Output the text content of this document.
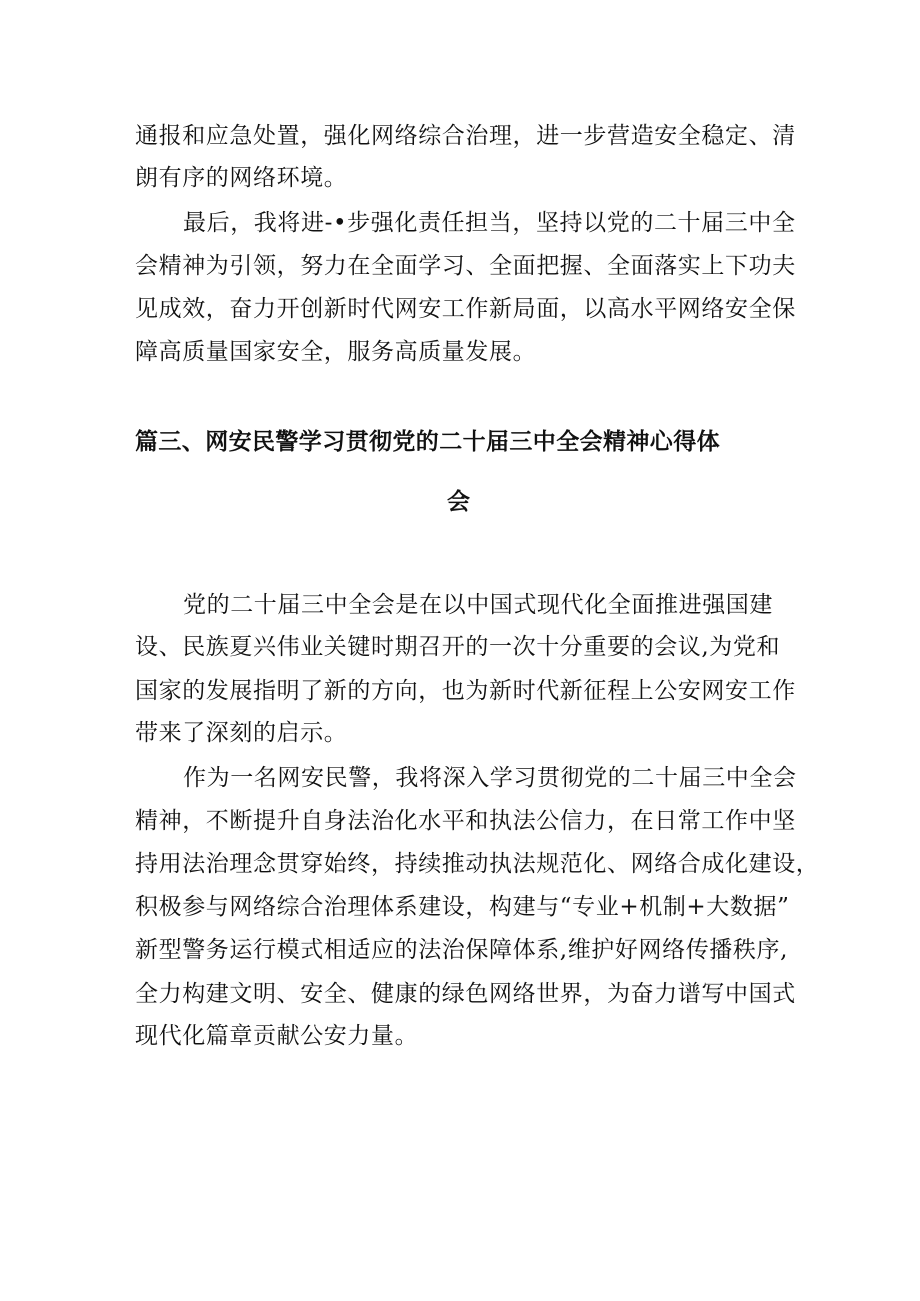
通报和应急处置，强化网络综合治理，进一步营造安全稳定、清
朗有序的网络环境。
最后，我将进-•步强化责任担当，坚持以党的二十届三中全
会精神为引领，努力在全面学习、全面把握、全面落实上下功夫
见成效，奋力开创新时代网安工作新局面，以高水平网络安全保
障高质量国家安全，服务高质量发展。
篇三、网安民警学习贯彻党的二十届三中全会精神心得体
会
党的二十届三中全会是在以中国式现代化全面推进强国建
设、民族夏兴伟业关键时期召开的一次十分重要的会议,为党和
国家的发展指明了新的方向，也为新时代新征程上公安网安工作
带来了深刻的启示。
作为一名网安民警，我将深入学习贯彻党的二十届三中全会
精神，不断提升自身法治化水平和执法公信力，在日常工作中坚
持用法治理念贯穿始终，持续推动执法规范化、网络合成化建设，
积极参与网络综合治理体系建设，构建与“专业+机制+大数据”
新型警务运行模式相适应的法治保障体系,维护好网络传播秩序,
全力构建文明、安全、健康的绿色网络世界，为奋力谱写中国式
现代化篇章贡献公安力量。
